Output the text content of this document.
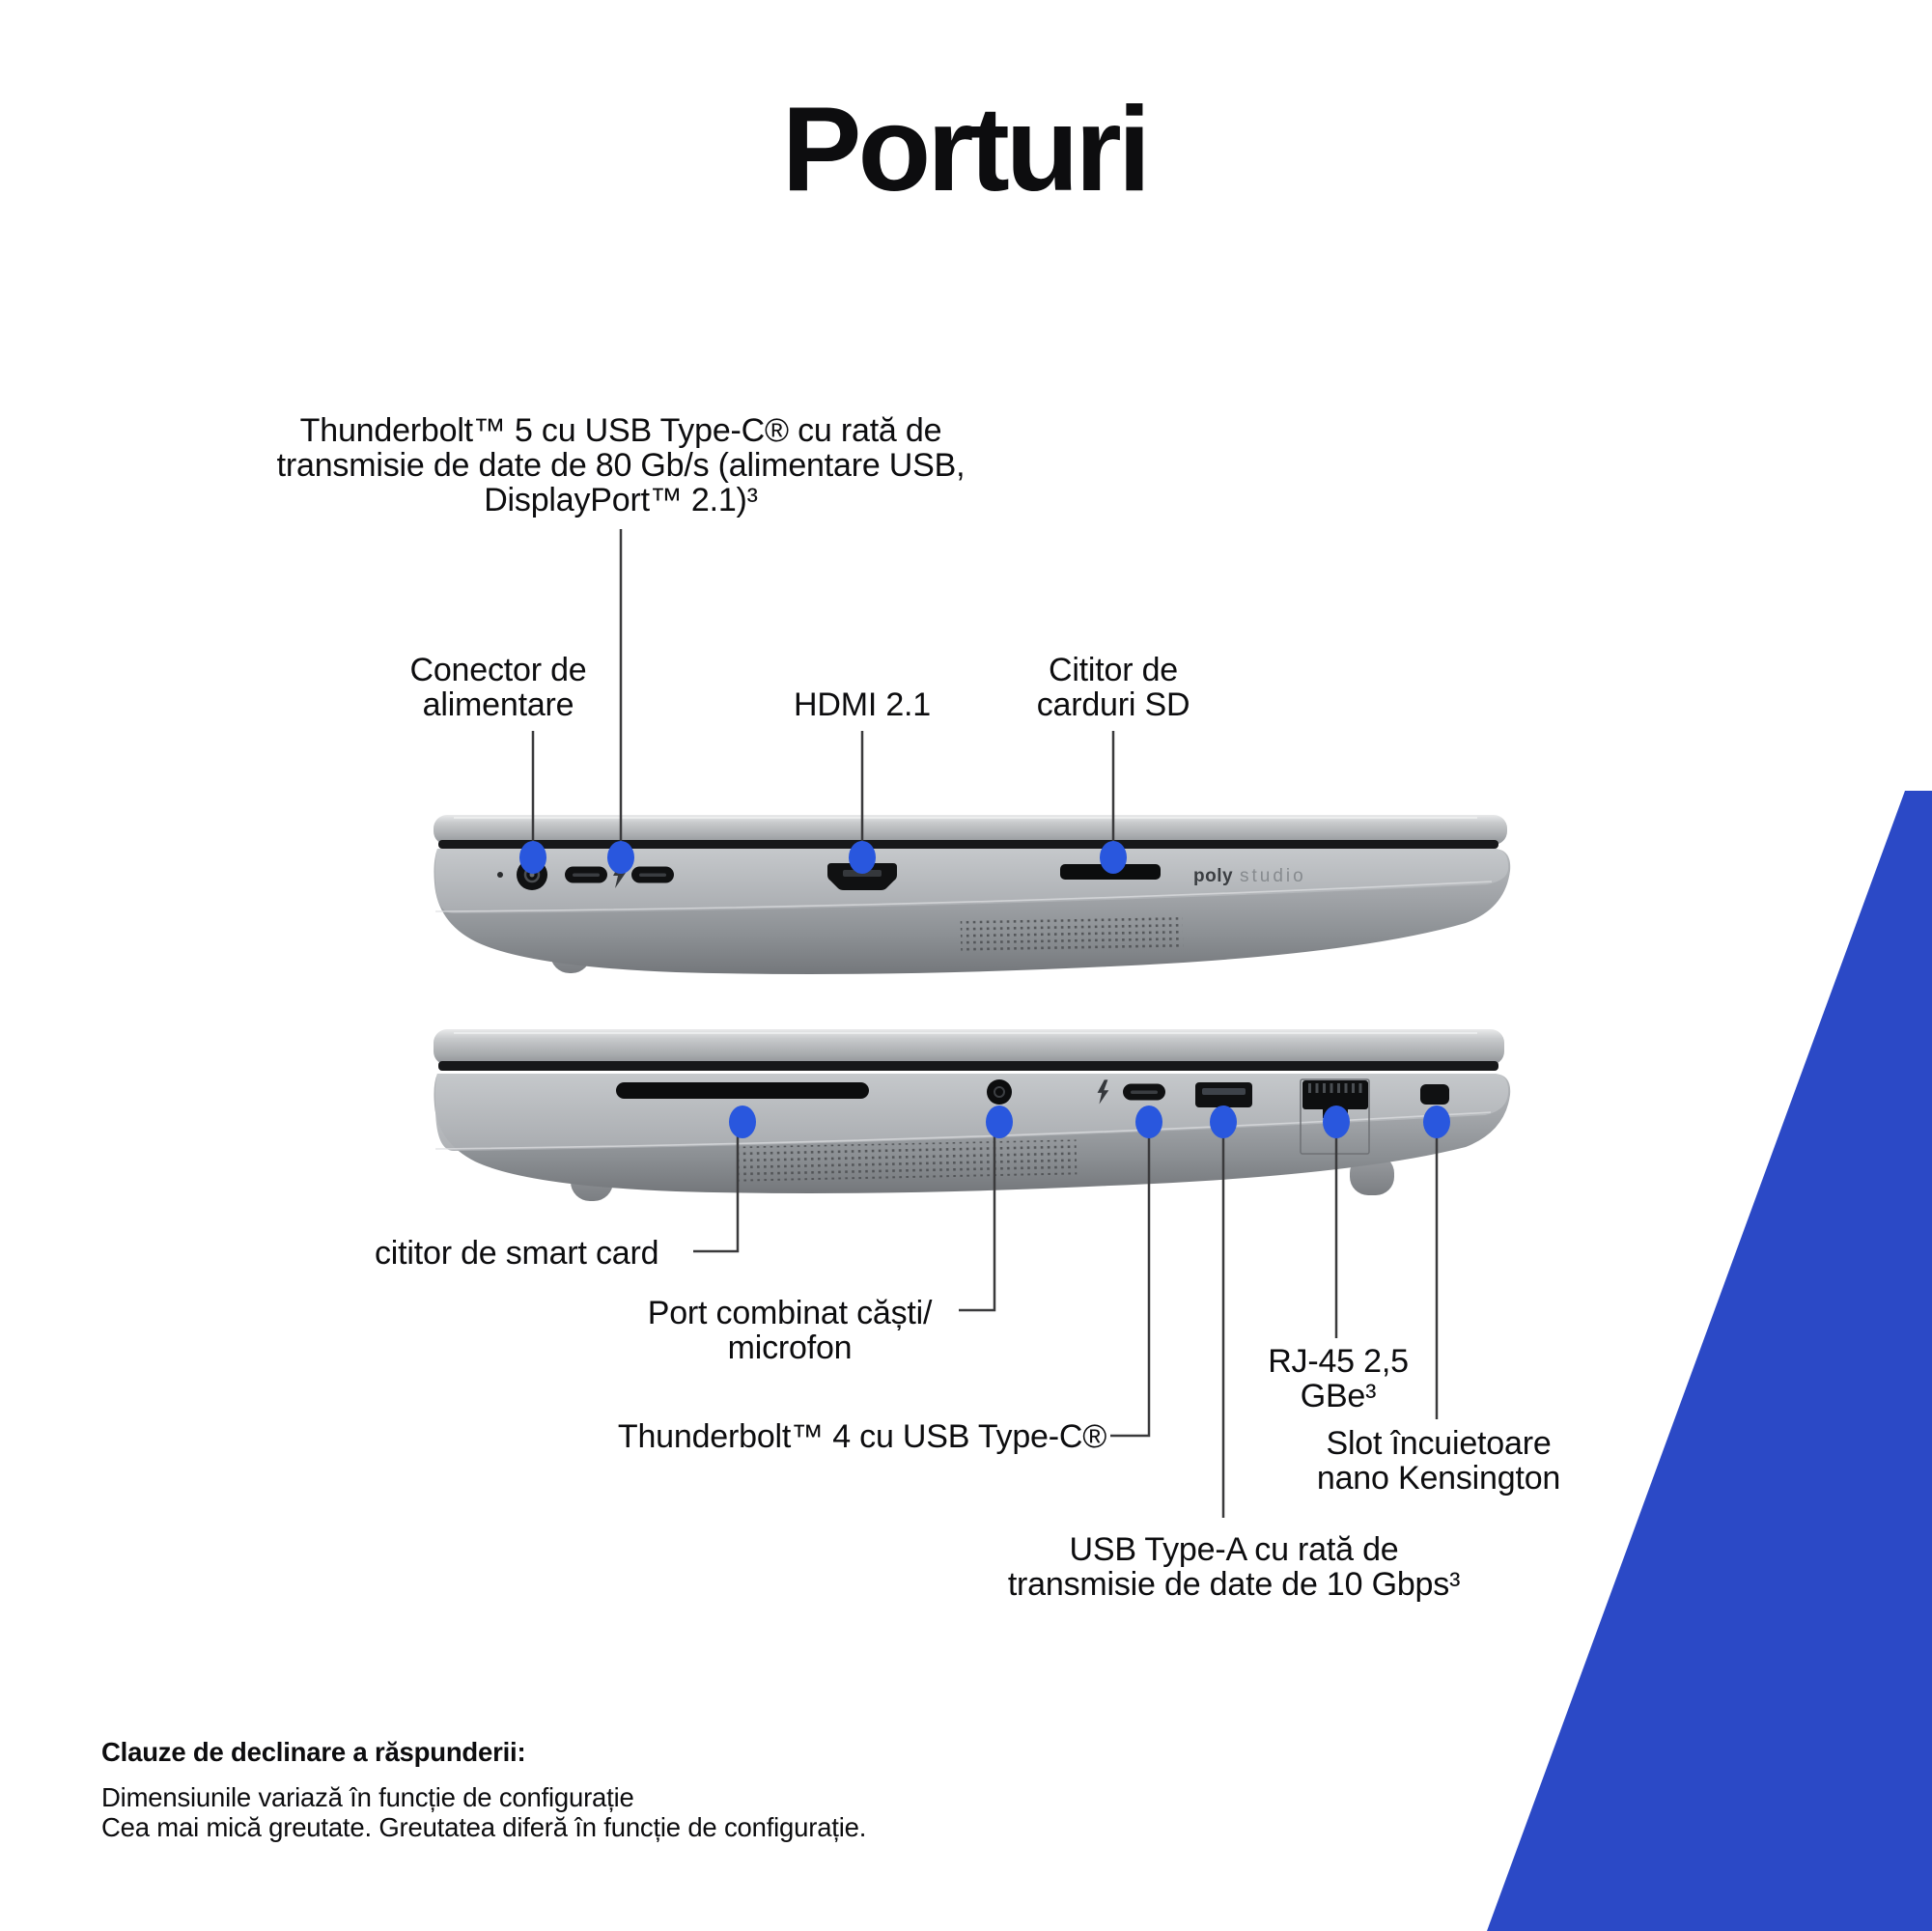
poly studio
Porturi
Thunderbolt™ 5 cu USB Type-C® cu rată de
transmisie de date de 80 Gb/s (alimentare USB,
DisplayPort™ 2.1)³
Conector de
alimentare	HDMI 2.1
Cititor de
carduri SD
cititor de smart card
Port combinat căști/
microfon
Thunderbolt™ 4 cu USB Type-C®
RJ-45 2,5
GBe³
Slot încuietoare
nano Kensington
USB Type-A cu rată de
transmisie de date de 10 Gbps³
Clauze de declinare a răspunderii:
Dimensiunile variază în funcție de configurație
Cea mai mică greutate. Greutatea diferă în funcție de configurație.
